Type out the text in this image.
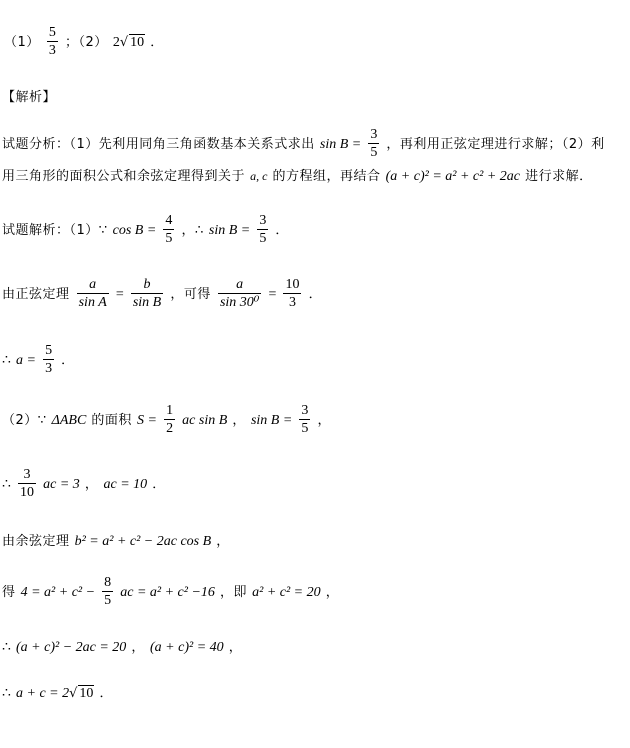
$(1) \frac{5}{3}$ ；（2） 2√ 10 ．
【解析】
试题分析：（1）先利用同角三角函数基本关系式求出 $\sin B = \frac{3}{5}$ ，再利用正弦定理进行求解；（2）利
用三角形的面积公式和余弦定理得到关于 a, c 的方程组，再结合 (a + c)² = a² + c² + 2ac 进行求解．
试题解析：（1）∵ $\cos B = \frac{4}{5}$ ，∴ $\sin B = \frac{3}{5}$ ．
由正弦定理 $\frac{a}{\text{sin A}} = \frac{b}{\text{sin B}}$ ，可得 $\frac{a}{\text{sin 30⁰}} = \frac{10}{3}$ ．
∴ $a = \frac{5}{3}$ ．
（2）∵ ΔABC 的面积 $S = \frac{1}{2}$ ac sin B ， $\sin B = \frac{3}{5}$ ，
∴ $\frac{3}{10}$ ac = 3 ， ac = 10 ．
由余弦定理 b² = a² + c² − 2ac cos B ，
得 $4 = a^2 + c^2 - \frac{8}{5}$ ac = a² + c² −16 ，即 a² + c² = 20 ，
∴ (a + c)² − 2ac = 20 ， (a + c)² = 40 ，
∴ a + c = 2√ 10 ．
